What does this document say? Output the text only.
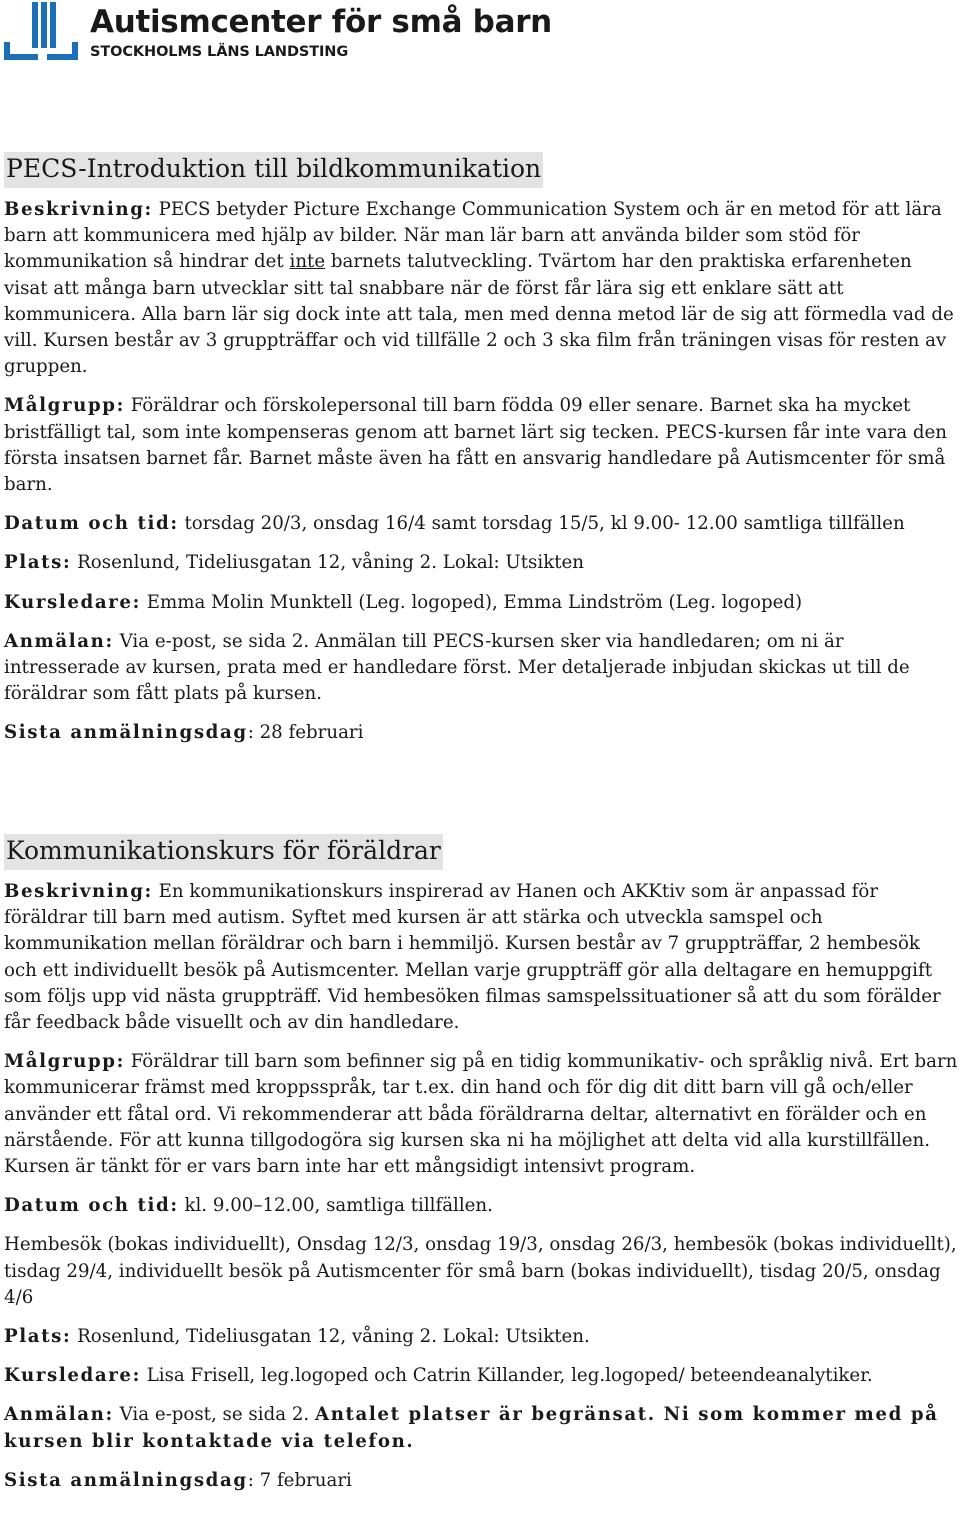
Autismcenter för små barn
STOCKHOLMS LÄNS LANDSTING
PECS-Introduktion till bildkommunikation

Beskrivning: PECS betyder Picture Exchange Communication System och är en metod för att lära barn att kommunicera med hjälp av bilder. När man lär barn att använda bilder som stöd för kommunikation så hindrar det inte barnets talutveckling. Tvärtom har den praktiska erfarenheten visat att många barn utvecklar sitt tal snabbare när de först får lära sig ett enklare sätt att kommunicera. Alla barn lär sig dock inte att tala, men med denna metod lär de sig att förmedla vad de vill. Kursen består av 3 gruppträffar och vid tillfälle 2 och 3 ska film från träningen visas för resten av gruppen.

Målgrupp: Föräldrar och förskolepersonal till barn födda 09 eller senare. Barnet ska ha mycket bristfälligt tal, som inte kompenseras genom att barnet lärt sig tecken. PECS-kursen får inte vara den första insatsen barnet får. Barnet måste även ha fått en ansvarig handledare på Autismcenter för små barn.

Datum och tid: torsdag 20/3, onsdag 16/4 samt torsdag 15/5, kl 9.00- 12.00 samtliga tillfällen

Plats: Rosenlund, Tideliusgatan 12, våning 2. Lokal: Utsikten

Kursledare: Emma Molin Munktell (Leg. logoped), Emma Lindström (Leg. logoped)

Anmälan: Via e-post, se sida 2. Anmälan till PECS-kursen sker via handledaren; om ni är intresserade av kursen, prata med er handledare först. Mer detaljerade inbjudan skickas ut till de föräldrar som fått plats på kursen.

Sista anmälningsdag: 28 februari

Kommunikationskurs för föräldrar

Beskrivning: En kommunikationskurs inspirerad av Hanen och AKKtiv som är anpassad för föräldrar till barn med autism. Syftet med kursen är att stärka och utveckla samspel och kommunikation mellan föräldrar och barn i hemmiljö. Kursen består av 7 gruppträffar, 2 hembesök och ett individuellt besök på Autismcenter. Mellan varje gruppträff gör alla deltagare en hemuppgift som följs upp vid nästa gruppträff. Vid hembesöken filmas samspelssituationer så att du som förälder får feedback både visuellt och av din handledare.

Målgrupp: Föräldrar till barn som befinner sig på en tidig kommunikativ- och språklig nivå. Ert barn kommunicerar främst med kroppsspråk, tar t.ex. din hand och för dig dit ditt barn vill gå och/eller använder ett fåtal ord. Vi rekommenderar att båda föräldrarna deltar, alternativt en förälder och en närstående. För att kunna tillgodogöra sig kursen ska ni ha möjlighet att delta vid alla kurstillfällen. Kursen är tänkt för er vars barn inte har ett mångsidigt intensivt program.

Datum och tid: kl. 9.00–12.00, samtliga tillfällen.

Hembesök (bokas individuellt), Onsdag 12/3, onsdag 19/3, onsdag 26/3, hembesök (bokas individuellt), tisdag 29/4, individuellt besök på Autismcenter för små barn (bokas individuellt), tisdag 20/5, onsdag 4/6

Plats: Rosenlund, Tideliusgatan 12, våning 2. Lokal: Utsikten.

Kursledare: Lisa Frisell, leg.logoped och Catrin Killander, leg.logoped/ beteendeanalytiker.

Anmälan: Via e-post, se sida 2. Antalet platser är begränsat. Ni som kommer med på kursen blir kontaktade via telefon.

Sista anmälningsdag: 7 februari
